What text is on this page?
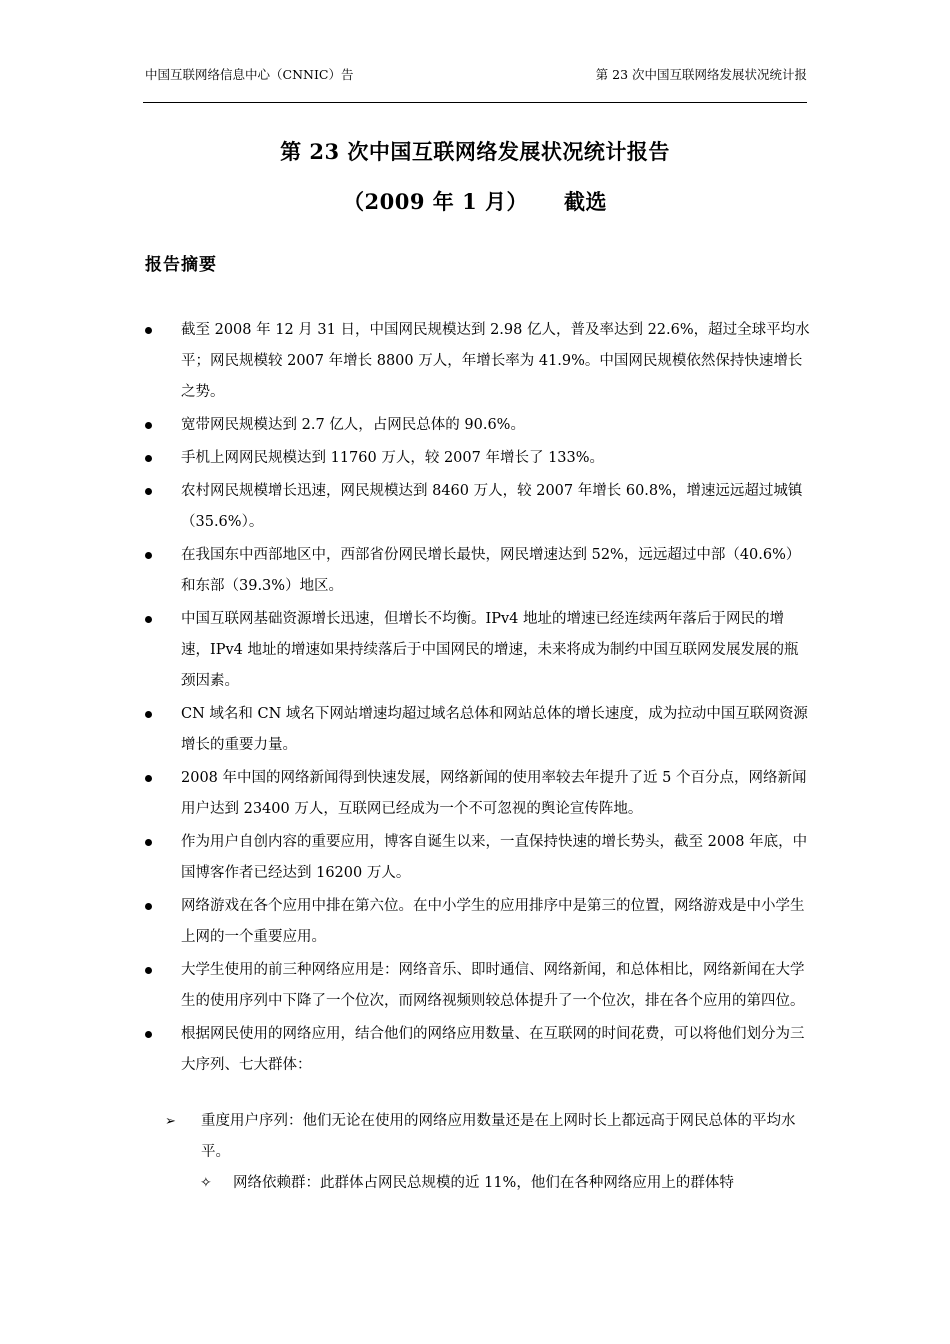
中国互联网络信息中心（CNNIC）告	第 23 次中国互联网络发展状况统计报
第 23 次中国互联网络发展状况统计报告
（2009 年 1 月） 截选
报告摘要
截至 2008 年 12 月 31 日，中国网民规模达到 2.98 亿人，普及率达到 22.6%，超过全球平均水平；网民规模较 2007 年增长 8800 万人，年增长率为 41.9%。中国网民规模依然保持快速增长之势。
宽带网民规模达到 2.7 亿人，占网民总体的 90.6%。
手机上网网民规模达到 11760 万人，较 2007 年增长了 133%。
农村网民规模增长迅速，网民规模达到 8460 万人，较 2007 年增长 60.8%，增速远远超过城镇（35.6%）。
在我国东中西部地区中，西部省份网民增长最快，网民增速达到 52%，远远超过中部（40.6%）和东部（39.3%）地区。
中国互联网基础资源增长迅速，但增长不均衡。IPv4 地址的增速已经连续两年落后于网民的增速，IPv4 地址的增速如果持续落后于中国网民的增速，未来将成为制约中国互联网发展发展的瓶颈因素。
CN 域名和 CN 域名下网站增速均超过域名总体和网站总体的增长速度，成为拉动中国互联网资源增长的重要力量。
2008 年中国的网络新闻得到快速发展，网络新闻的使用率较去年提升了近 5 个百分点，网络新闻用户达到 23400 万人，互联网已经成为一个不可忽视的舆论宣传阵地。
作为用户自创内容的重要应用，博客自诞生以来，一直保持快速的增长势头，截至 2008 年底，中国博客作者已经达到 16200 万人。
网络游戏在各个应用中排在第六位。在中小学生的应用排序中是第三的位置，网络游戏是中小学生上网的一个重要应用。
大学生使用的前三种网络应用是：网络音乐、即时通信、网络新闻，和总体相比，网络新闻在大学生的使用序列中下降了一个位次，而网络视频则较总体提升了一个位次，排在各个应用的第四位。
根据网民使用的网络应用，结合他们的网络应用数量、在互联网的时间花费，可以将他们划分为三大序列、七大群体：
➢ 重度用户序列：他们无论在使用的网络应用数量还是在上网时长上都远高于网民总体的平均水平。
✧ 网络依赖群：此群体占网民总规模的近 11%，他们在各种网络应用上的群体特
